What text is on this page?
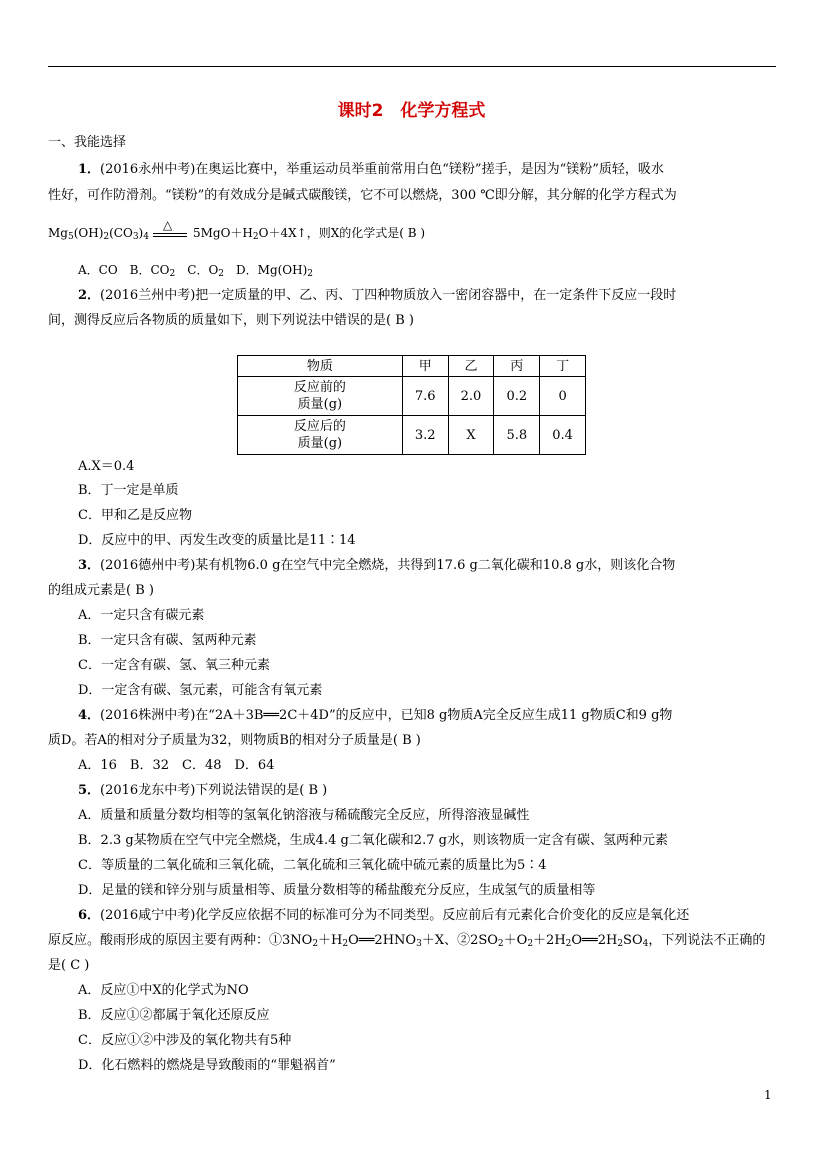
课时2　化学方程式
一、我能选择
1．(2016永州中考)在奥运比赛中，举重运动员举重前常用白色“镁粉”搓手，是因为“镁粉”质轻，吸水
性好，可作防滑剂。“镁粉”的有效成分是碱式碳酸镁，它不可以燃烧，300 ℃即分解，其分解的化学方程式为
$Mg_5(OH)_2(CO_3)_4$
△
$5MgO+H_2O+4X↑$，则X的化学式是( B )
A．CO　B．$CO_2$　C．$O_2$　D．$Mg(OH)_2$
2．(2016兰州中考)把一定质量的甲、乙、丙、丁四种物质放入一密闭容器中，在一定条件下反应一段时
间，测得反应后各物质的质量如下，则下列说法中错误的是( B )
物质	甲	乙	丙	丁
反应前的
质量(g)	7.6	2.0	0.2	0
反应后的
质量(g)	3.2	X	5.8	0.4
A.X＝0.4
B．丁一定是单质
C．甲和乙是反应物
D．反应中的甲、丙发生改变的质量比是11∶14
3．(2016德州中考)某有机物6.0 g在空气中完全燃烧，共得到17.6 g二氧化碳和10.8 g水，则该化合物
的组成元素是( B )
A．一定只含有碳元素
B．一定只含有碳、氢两种元素
C．一定含有碳、氢、氧三种元素
D．一定含有碳、氢元素，可能含有氧元素
4．(2016株洲中考)在“2A＋3B══2C＋4D”的反应中，已知8 g物质A完全反应生成11 g物质C和9 g物
质D。若A的相对分子质量为32，则物质B的相对分子质量是( B )
A．16　B．32　C．48　D．64
5．(2016龙东中考)下列说法错误的是( B )
A．质量和质量分数均相等的氢氧化钠溶液与稀硫酸完全反应，所得溶液显碱性
B．2.3 g某物质在空气中完全燃烧，生成4.4 g二氧化碳和2.7 g水，则该物质一定含有碳、氢两种元素
C．等质量的二氧化硫和三氧化硫，二氧化硫和三氧化硫中硫元素的质量比为5∶4
D．足量的镁和锌分别与质量相等、质量分数相等的稀盐酸充分反应，生成氢气的质量相等
6．(2016咸宁中考)化学反应依据不同的标准可分为不同类型。反应前后有元素化合价变化的反应是氧化还
原反应。酸雨形成的原因主要有两种：$①3NO_2+H_2O══2HNO_3+X$、$②2SO_2+O_2+2H_2O══2H_2SO_4$，下列说法不正确的
是( C )
A．反应①中X的化学式为NO
B．反应①②都属于氧化还原反应
C．反应①②中涉及的氧化物共有5种
D．化石燃料的燃烧是导致酸雨的“罪魁祸首”
1
